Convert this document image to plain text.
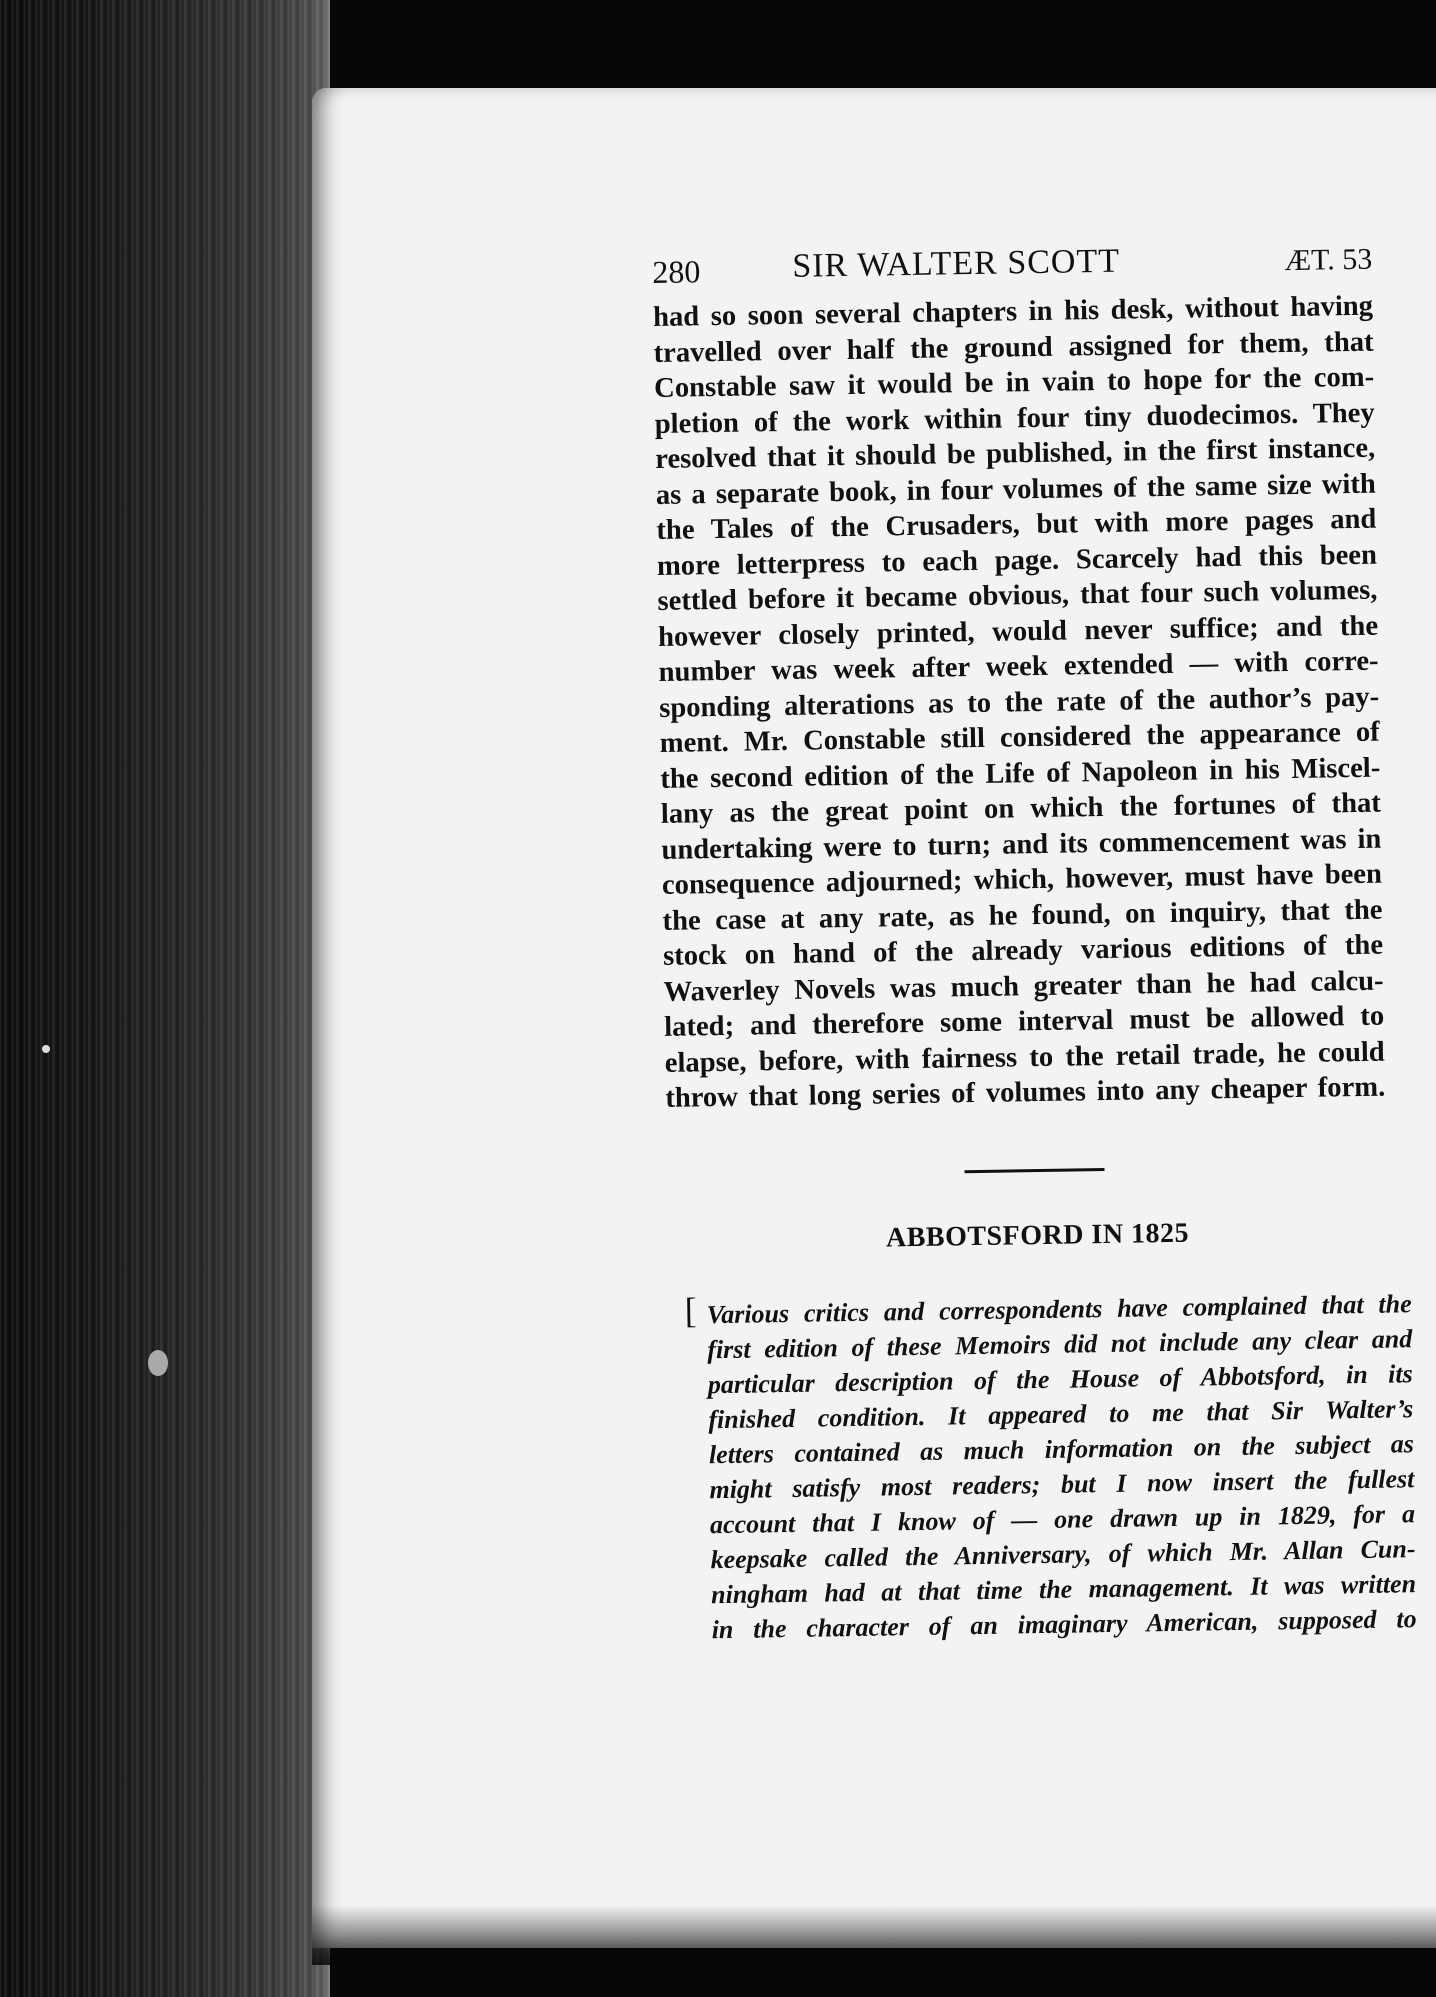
280	SIR WALTER SCOTT	ÆT. 53

had so soon several chapters in his desk, without having
travelled over half the ground assigned for them, that
Constable saw it would be in vain to hope for the com-
pletion of the work within four tiny duodecimos. They
resolved that it should be published, in the first instance,
as a separate book, in four volumes of the same size with
the Tales of the Crusaders, but with more pages and
more letterpress to each page. Scarcely had this been
settled before it became obvious, that four such volumes,
however closely printed, would never suffice; and the
number was week after week extended — with corre-
sponding alterations as to the rate of the author’s pay-
ment. Mr. Constable still considered the appearance of
the second edition of the Life of Napoleon in his Miscel-
lany as the great point on which the fortunes of that
undertaking were to turn; and its commencement was in
consequence adjourned; which, however, must have been
the case at any rate, as he found, on inquiry, that the
stock on hand of the already various editions of the
Waverley Novels was much greater than he had calcu-
lated; and therefore some interval must be allowed to
elapse, before, with fairness to the retail trade, he could
throw that long series of volumes into any cheaper form.

ABBOTSFORD IN 1825
[ Various critics and correspondents have complained that the
first edition of these Memoirs did not include any clear and
particular description of the House of Abbotsford, in its
finished condition. It appeared to me that Sir Walter’s
letters contained as much information on the subject as
might satisfy most readers; but I now insert the fullest
account that I know of — one drawn up in 1829, for a
keepsake called the Anniversary, of which Mr. Allan Cun-
ningham had at that time the management. It was written
in the character of an imaginary American, supposed to
